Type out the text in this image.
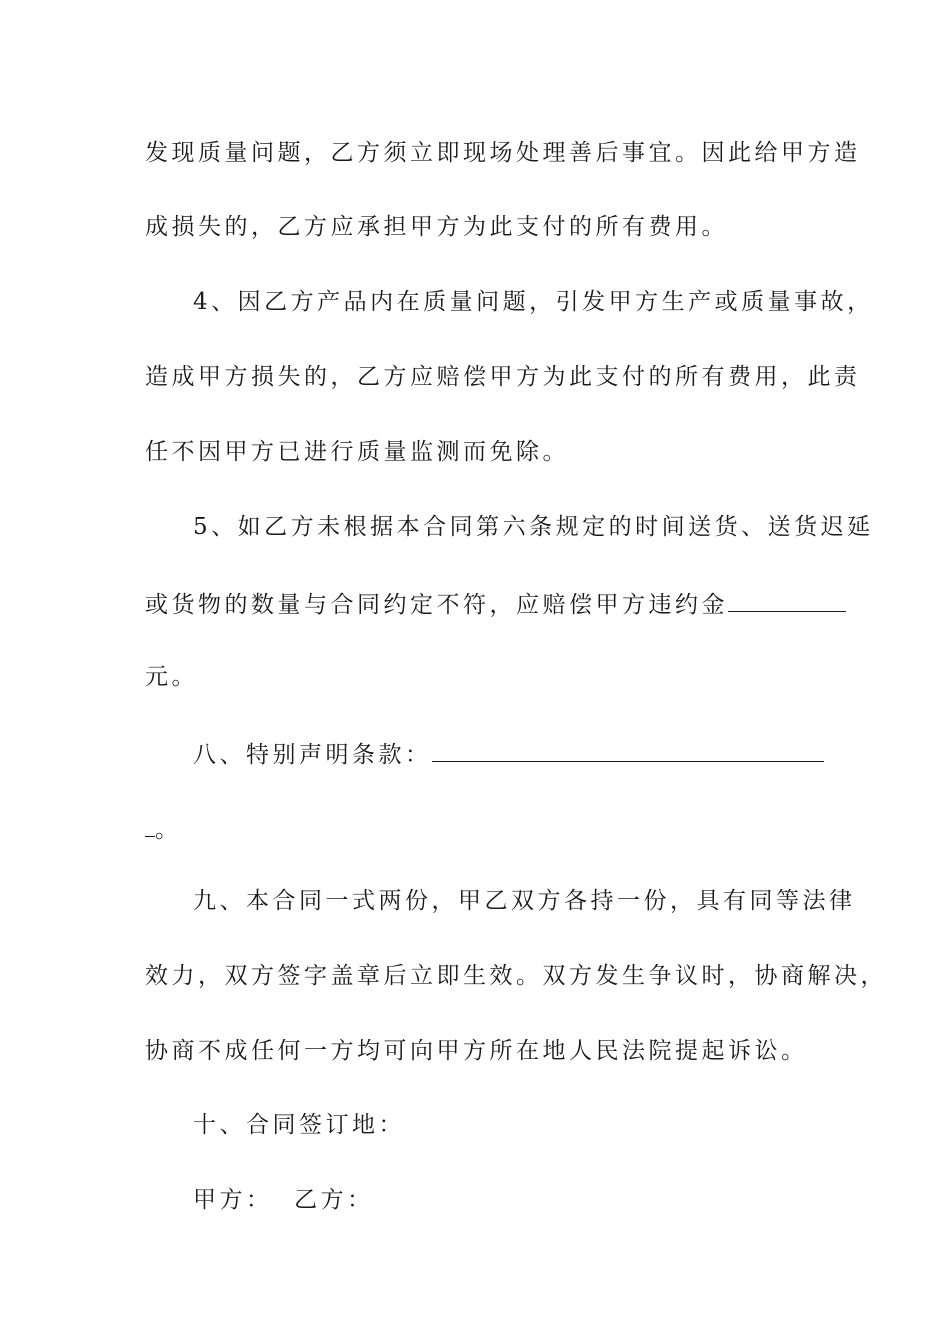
发现质量问题，乙方须立即现场处理善后事宜。因此给甲方造
成损失的，乙方应承担甲方为此支付的所有费用。
4、因乙方产品内在质量问题，引发甲方生产或质量事故，
造成甲方损失的，乙方应赔偿甲方为此支付的所有费用，此责
任不因甲方已进行质量监测而免除。
5、如乙方未根据本合同第六条规定的时间送货、送货迟延
或货物的数量与合同约定不符，应赔偿甲方违约金
元。
八、特别声明条款：
。
九、本合同一式两份，甲乙双方各持一份，具有同等法律
效力，双方签字盖章后立即生效。双方发生争议时，协商解决，
协商不成任何一方均可向甲方所在地人民法院提起诉讼。
十、合同签订地：
甲方：  乙方：
